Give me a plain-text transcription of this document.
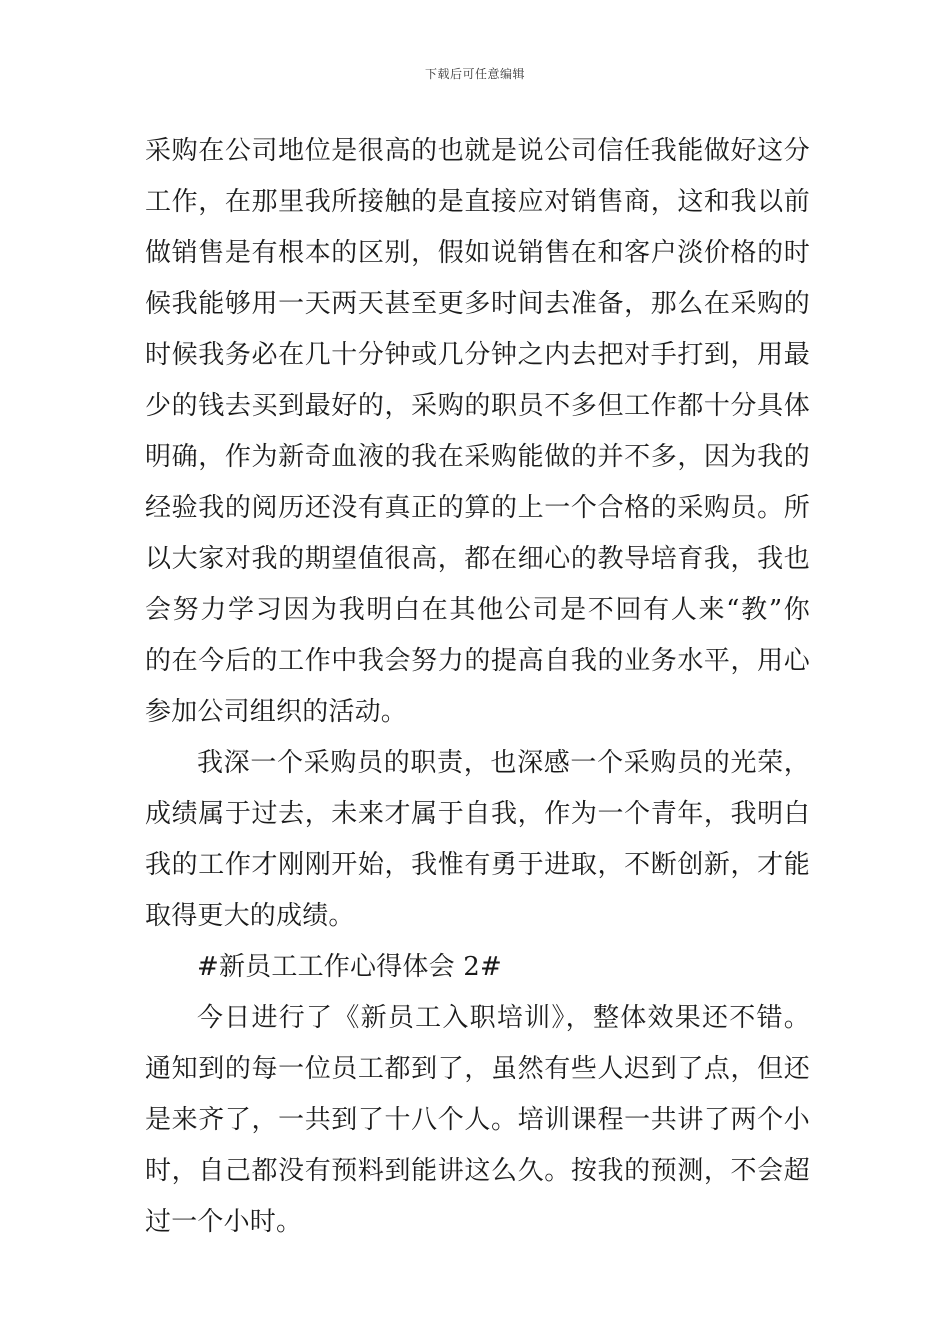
下载后可任意编辑
采购在公司地位是很高的也就是说公司信任我能做好这分
工作，在那里我所接触的是直接应对销售商，这和我以前
做销售是有根本的区别，假如说销售在和客户淡价格的时
候我能够用一天两天甚至更多时间去准备，那么在采购的
时候我务必在几十分钟或几分钟之内去把对手打到，用最
少的钱去买到最好的，采购的职员不多但工作都十分具体
明确，作为新奇血液的我在采购能做的并不多，因为我的
经验我的阅历还没有真正的算的上一个合格的采购员。所
以大家对我的期望值很高，都在细心的教导培育我，我也
会努力学习因为我明白在其他公司是不回有人来“教”你
的在今后的工作中我会努力的提高自我的业务水平，用心
参加公司组织的活动。
我深一个采购员的职责，也深感一个采购员的光荣，
成绩属于过去，未来才属于自我，作为一个青年，我明白
我的工作才刚刚开始，我惟有勇于进取，不断创新，才能
取得更大的成绩。
#新员工工作心得体会 2#
今日进行了《新员工入职培训》，整体效果还不错。
通知到的每一位员工都到了，虽然有些人迟到了点，但还
是来齐了，一共到了十八个人。培训课程一共讲了两个小
时，自己都没有预料到能讲这么久。按我的预测，不会超
过一个小时。
